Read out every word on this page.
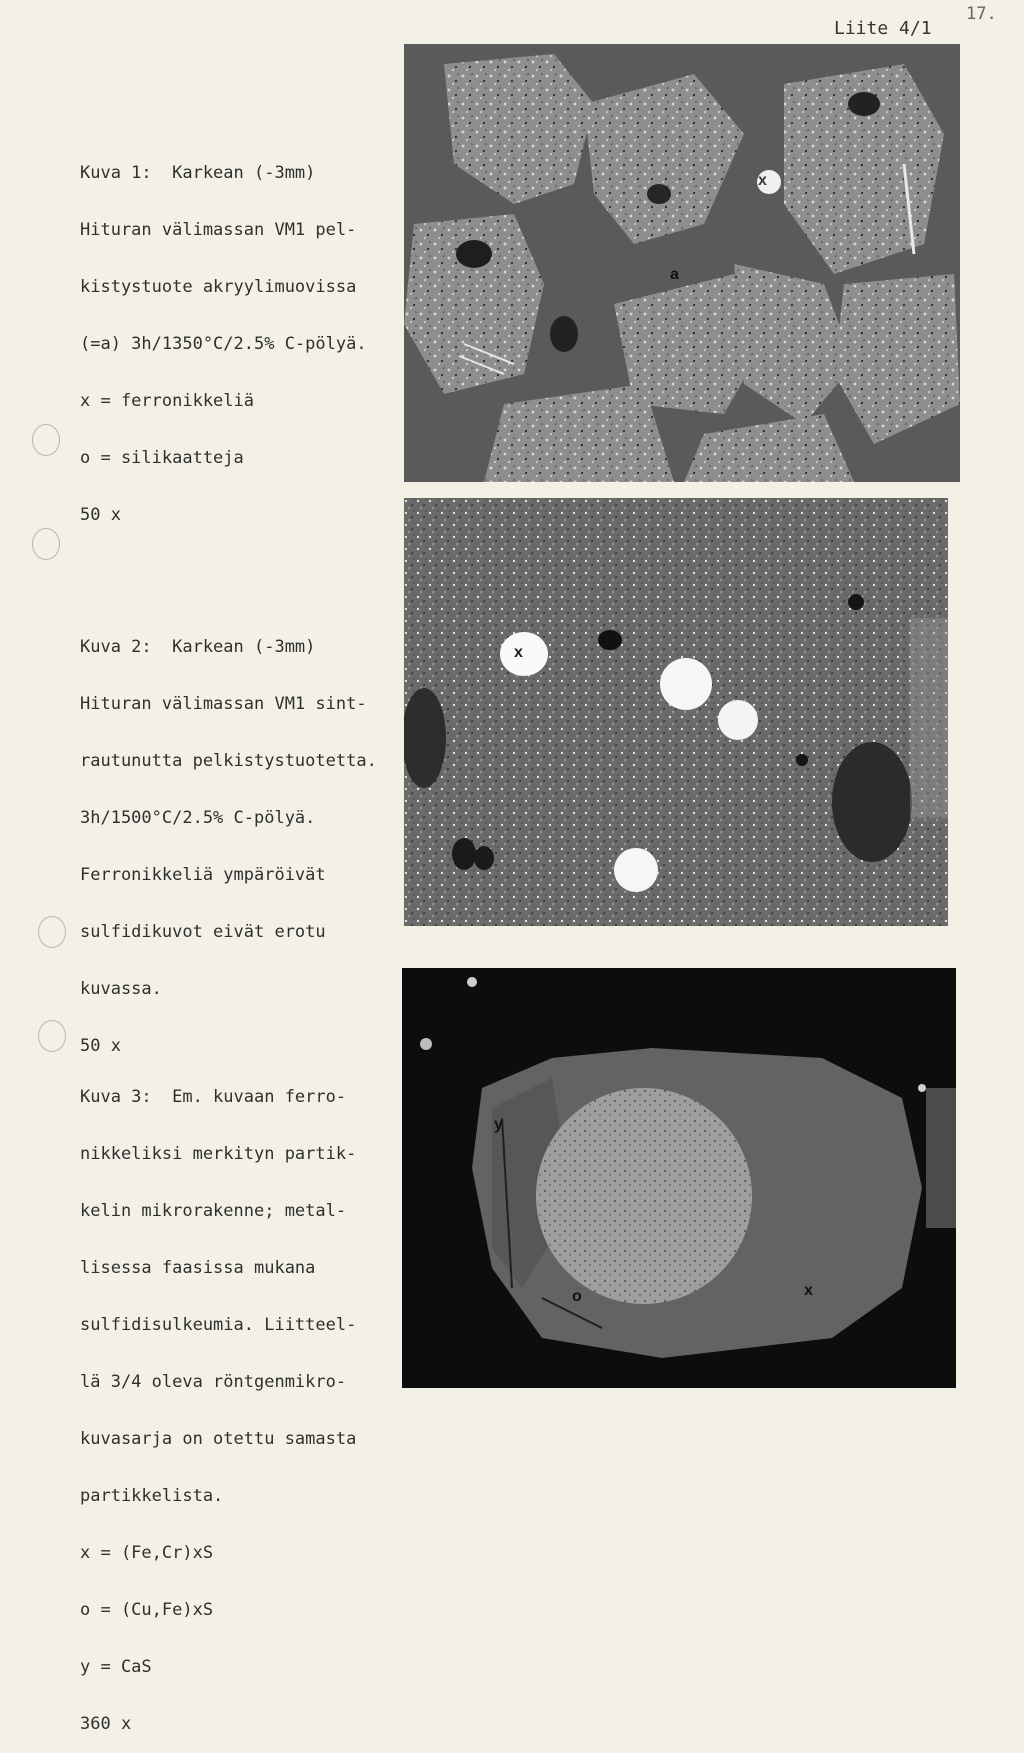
17.
Liite 4/1

Kuva 1:  Karkean (-3mm)

Hituran välimassan VM1 pel-

kistystuote akryylimuovissa

(=a) 3h/1350°C/2.5% C-pölyä.

x = ferronikkeliä

o = silikaatteja

50 x

x
a

Kuva 2:  Karkean (-3mm)

Hituran välimassan VM1 sint-

rautunutta pelkistystuotetta.

3h/1500°C/2.5% C-pölyä.

Ferronikkeliä ympäröivät

sulfidikuvot eivät erotu

kuvassa.

50 x

x

Kuva 3:  Em. kuvaan ferro-

nikkeliksi merkityn partik-

kelin mikrorakenne; metal-

lisessa faasissa mukana

sulfidisulkeumia. Liitteel-

lä 3/4 oleva röntgenmikro-

kuvasarja on otettu samasta

partikkelista.

x = (Fe,Cr)xS

o = (Cu,Fe)xS

y = CaS

360 x

y
o	x
